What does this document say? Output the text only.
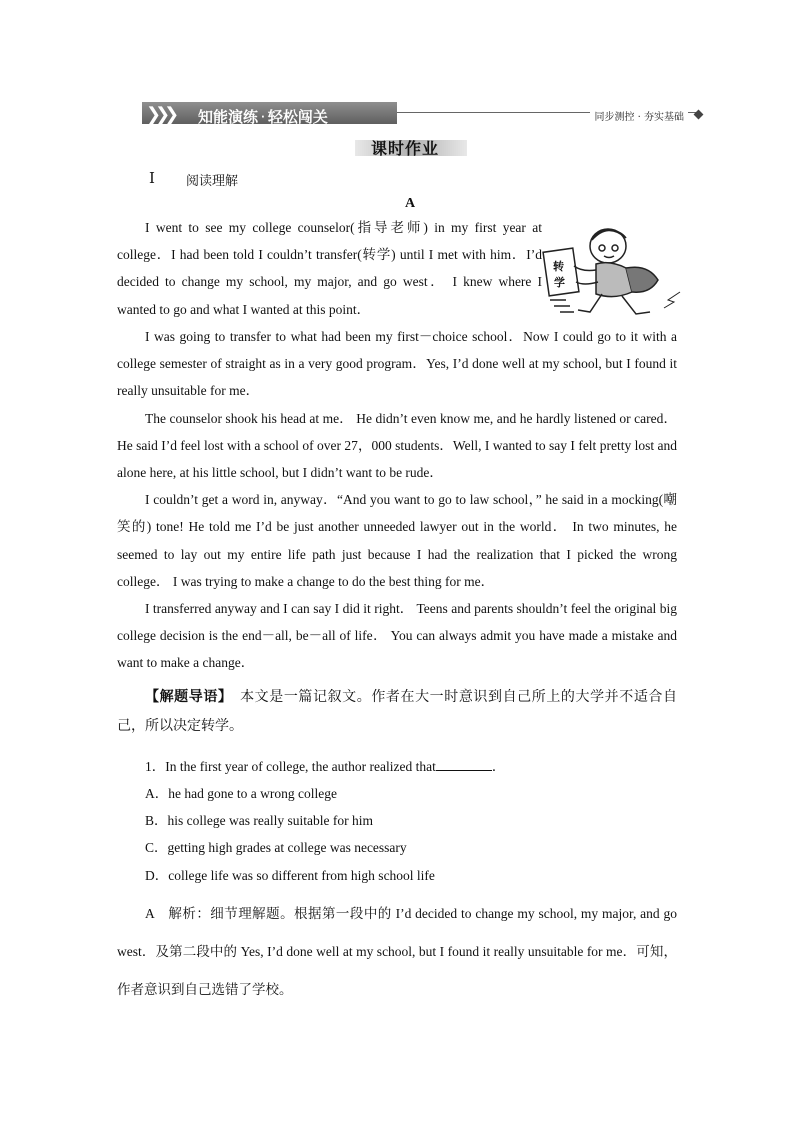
❯❯❯ 知能演练 · 轻松闯关	同步测控 · 夯实基础
课时作业
Ⅰ 阅读理解
A
转
学

I went to see my college counselor(指导老师) in my first year at college．I had been told I couldn’t transfer(转学) until I met with him．I’d decided to change my school, my major, and go west． I knew where I wanted to go and what I wanted at this point．

I was going to transfer to what had been my first－choice school．Now I could go to it with a college semester of straight as in a very good program．Yes, I’d done well at my school, but I found it really unsuitable for me．

The counselor shook his head at me． He didn’t even know me, and he hardly listened or cared．He said I’d feel lost with a school of over 27，000 students．Well, I wanted to say I felt pretty lost and alone here, at his little school, but I didn’t want to be rude．

I couldn’t get a word in, anyway．“And you want to go to law school，” he said in a mocking(嘲笑的) tone! He told me I’d be just another unneeded lawyer out in the world． In two minutes, he seemed to lay out my entire life path just because I had the realization that I picked the wrong college． I was trying to make a change to do the best thing for me．

I transferred anyway and I can say I did it right． Teens and parents shouldn’t feel the original big college decision is the end－all, be－all of life． You can always admit you have made a mistake and want to make a change．

【解题导语】　 本文是一篇记叙文。作者在大一时意识到自己所上的大学并不适合自己，所以决定转学。
1．In the first year of college, the author realized that	．
A．he had gone to a wrong college
B．his college was really suitable for him
C．getting high grades at college was necessary
D．college life was so different from high school life
A　解析：细节理解题。根据第一段中的 I’d decided to change my school, my major, and go west．及第二段中的 Yes, I’d done well at my school, but I found it really unsuitable for me．可知，作者意识到自己选错了学校。
